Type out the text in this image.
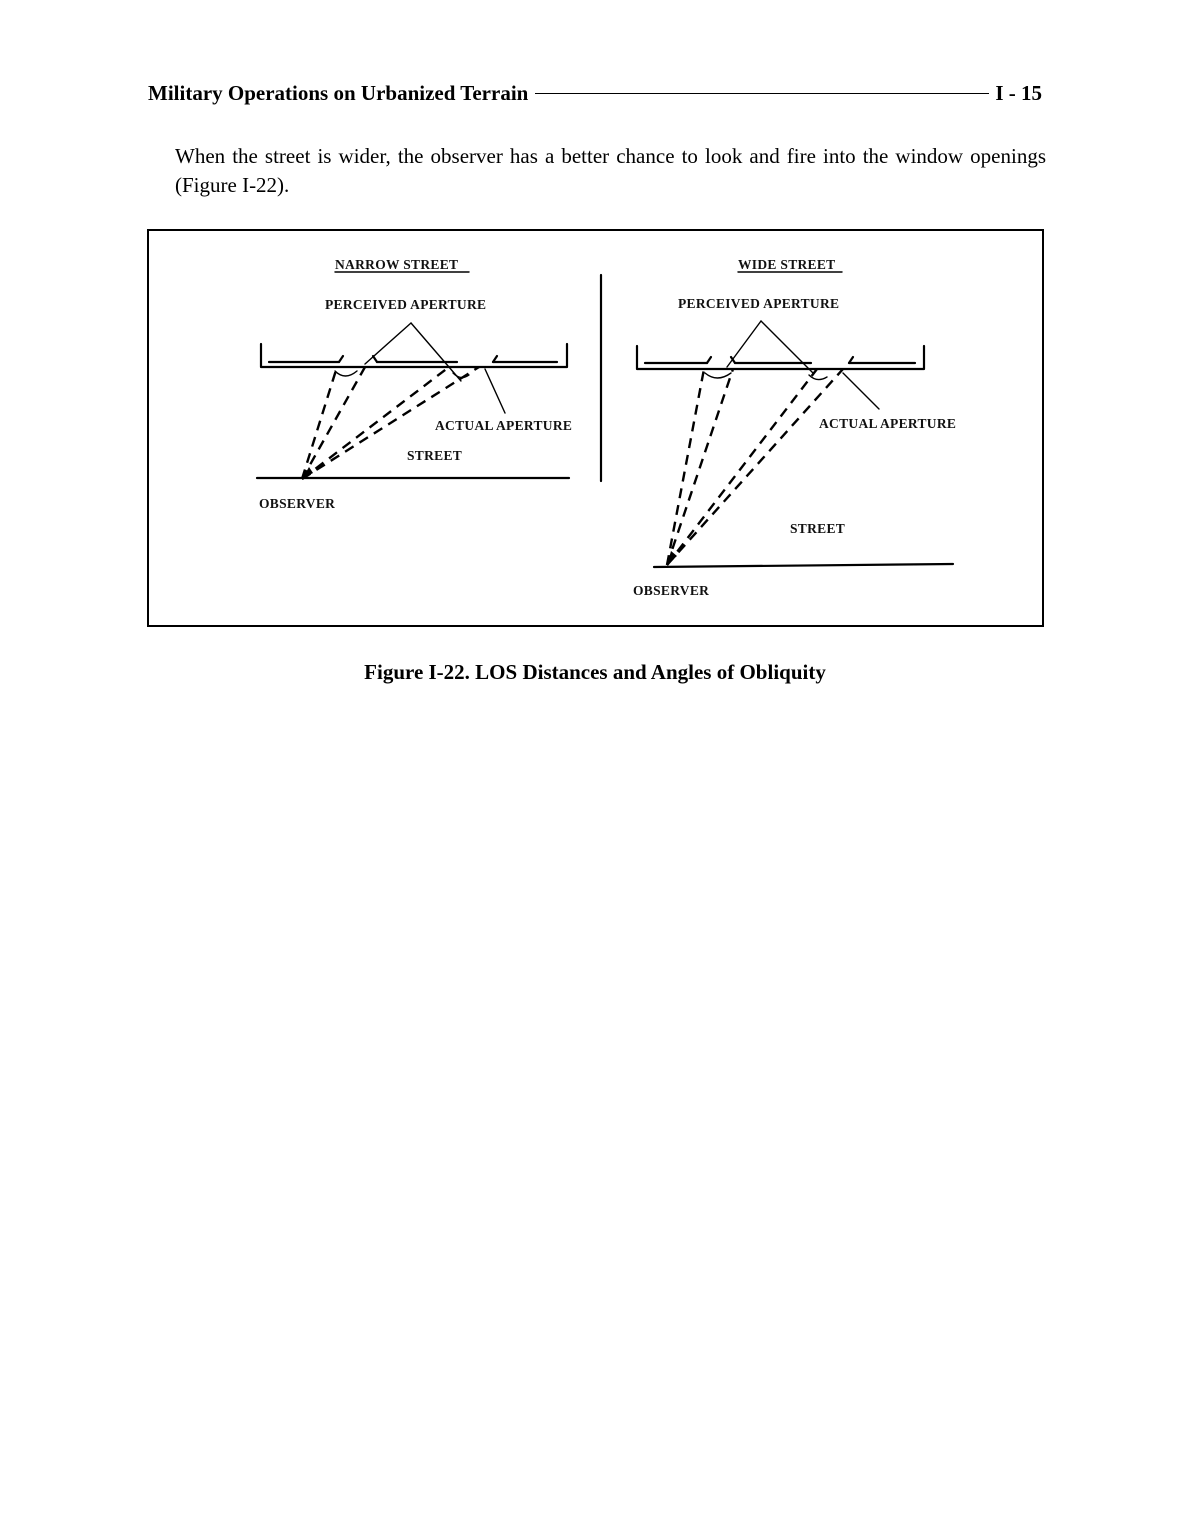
Military Operations on Urbanized Terrain	I - 15
When the street is wider, the observer has a better chance to look and fire into the window openings (Figure I-22).
NARROW STREET
PERCEIVED APERTURE
ACTUAL APERTURE
STREET
OBSERVER
WIDE STREET
PERCEIVED APERTURE
ACTUAL APERTURE
STREET
OBSERVER
Figure I-22. LOS Distances and Angles of Obliquity
